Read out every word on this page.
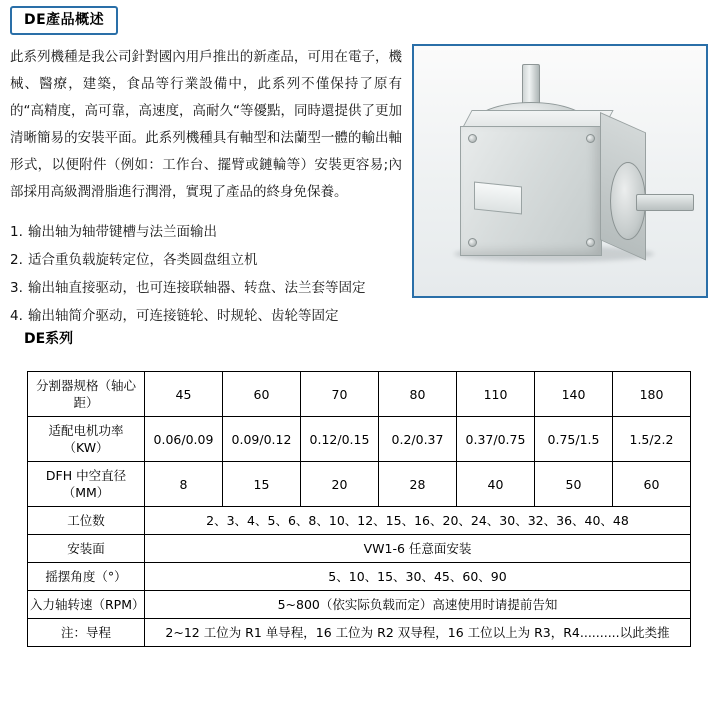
DE產品概述
此系列機種是我公司針對國內用戶推出的新產品，可用在電子，機械、醫療，建築，食品等行業設備中，此系列不僅保持了原有的“高精度，高可靠，高速度，高耐久“等優點，同時還提供了更加清晰簡易的安裝平面。此系列機種具有軸型和法蘭型一體的輸出軸形式，以便附件（例如：工作台、擺臂或鏈輪等）安裝更容易;內部採用高級潤滑脂進行潤滑，實現了產品的終身免保養。
1. 输出轴为轴带键槽与法兰面输出
2. 适合重负载旋转定位，各类圆盘组立机
3. 输出轴直接驱动，也可连接联轴器、转盘、法兰套等固定
4. 输出轴简介驱动，可连接链轮、时规轮、齿轮等固定
DE系列
分割器规格（轴心距）	45	60	70	80	110	140	180
适配电机功率（KW）	0.06/0.09	0.09/0.12	0.12/0.15	0.2/0.37	0.37/0.75	0.75/1.5	1.5/2.2
DFH 中空直径（MM）	8	15	20	28	40	50	60
工位数	2、3、4、5、6、8、10、12、15、16、20、24、30、32、36、40、48						
安装面	VW1-6 任意面安装						
摇摆角度（°）	5、10、15、30、45、60、90						
入力轴转速（RPM）	5~800（依实际负载而定）高速使用时请提前告知						
注：导程	2~12 工位为 R1 单导程，16 工位为 R2 双导程，16 工位以上为 R3，R4..........以此类推						
